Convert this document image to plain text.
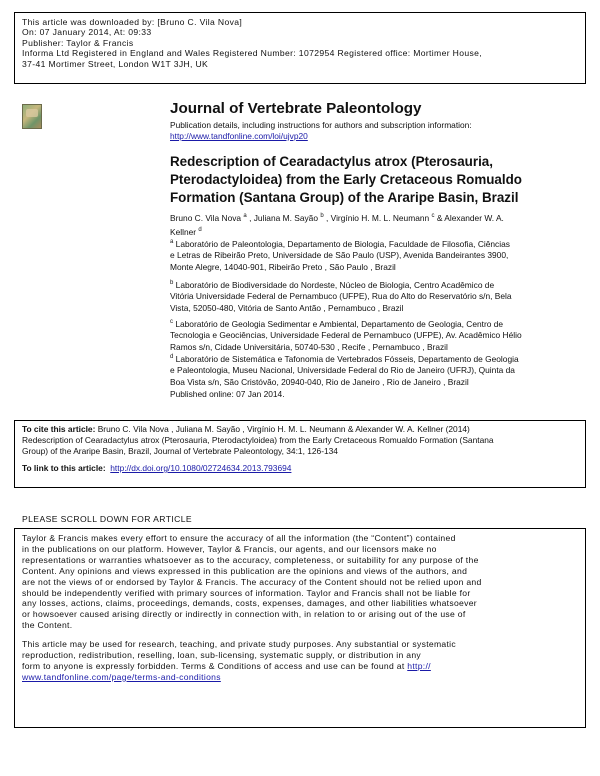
This article was downloaded by: [Bruno C. Vila Nova]
On: 07 January 2014, At: 09:33
Publisher: Taylor & Francis
Informa Ltd Registered in England and Wales Registered Number: 1072954 Registered office: Mortimer House,
37-41 Mortimer Street, London W1T 3JH, UK
Journal of Vertebrate Paleontology
Publication details, including instructions for authors and subscription information:
http://www.tandfonline.com/loi/ujvp20
Redescription of Cearadactylus atrox (Pterosauria,
Pterodactyloidea) from the Early Cretaceous Romualdo
Formation (Santana Group) of the Araripe Basin, Brazil
Bruno C. Vila Nova $^a$ , Juliana M. Sayão $^b$ , Virgínio H. M. L. Neumann $^c$ & Alexander W. A.
Kellner $^d$
$^a$ Laboratório de Paleontologia, Departamento de Biologia, Faculdade de Filosofia, Ciências
e Letras de Ribeirão Preto, Universidade de São Paulo (USP), Avenida Bandeirantes 3900,
Monte Alegre, 14040-901, Ribeirão Preto , São Paulo , Brazil
$^b$ Laboratório de Biodiversidade do Nordeste, Núcleo de Biologia, Centro Acadêmico de
Vitória Universidade Federal de Pernambuco (UFPE), Rua do Alto do Reservatório s/n, Bela
Vista, 52050-480, Vitória de Santo Antão , Pernambuco , Brazil
$^c$ Laboratório de Geologia Sedimentar e Ambiental, Departamento de Geologia, Centro de
Tecnologia e Geociências, Universidade Federal de Pernambuco (UFPE), Av. Acadêmico Hélio
Ramos s/n, Cidade Universitária, 50740-530 , Recife , Pernambuco , Brazil
$^d$ Laboratório de Sistemática e Tafonomia de Vertebrados Fósseis, Departamento de Geologia
e Paleontologia, Museu Nacional, Universidade Federal do Rio de Janeiro (UFRJ), Quinta da
Boa Vista s/n, São Cristóvão, 20940-040, Rio de Janeiro , Rio de Janeiro , Brazil
Published online: 07 Jan 2014.
To cite this article: Bruno C. Vila Nova , Juliana M. Sayão , Virgínio H. M. L. Neumann & Alexander W. A. Kellner (2014)
Redescription of Cearadactylus atrox (Pterosauria, Pterodactyloidea) from the Early Cretaceous Romualdo Formation (Santana
Group) of the Araripe Basin, Brazil, Journal of Vertebrate Paleontology, 34:1, 126-134
To link to this article: http://dx.doi.org/10.1080/02724634.2013.793694
PLEASE SCROLL DOWN FOR ARTICLE
Taylor & Francis makes every effort to ensure the accuracy of all the information (the “Content”) contained
in the publications on our platform. However, Taylor & Francis, our agents, and our licensors make no
representations or warranties whatsoever as to the accuracy, completeness, or suitability for any purpose of the
Content. Any opinions and views expressed in this publication are the opinions and views of the authors, and
are not the views of or endorsed by Taylor & Francis. The accuracy of the Content should not be relied upon and
should be independently verified with primary sources of information. Taylor and Francis shall not be liable for
any losses, actions, claims, proceedings, demands, costs, expenses, damages, and other liabilities whatsoever
or howsoever caused arising directly or indirectly in connection with, in relation to or arising out of the use of
the Content.
This article may be used for research, teaching, and private study purposes. Any substantial or systematic
reproduction, redistribution, reselling, loan, sub-licensing, systematic supply, or distribution in any
form to anyone is expressly forbidden. Terms & Conditions of access and use can be found at http://
www.tandfonline.com/page/terms-and-conditions
